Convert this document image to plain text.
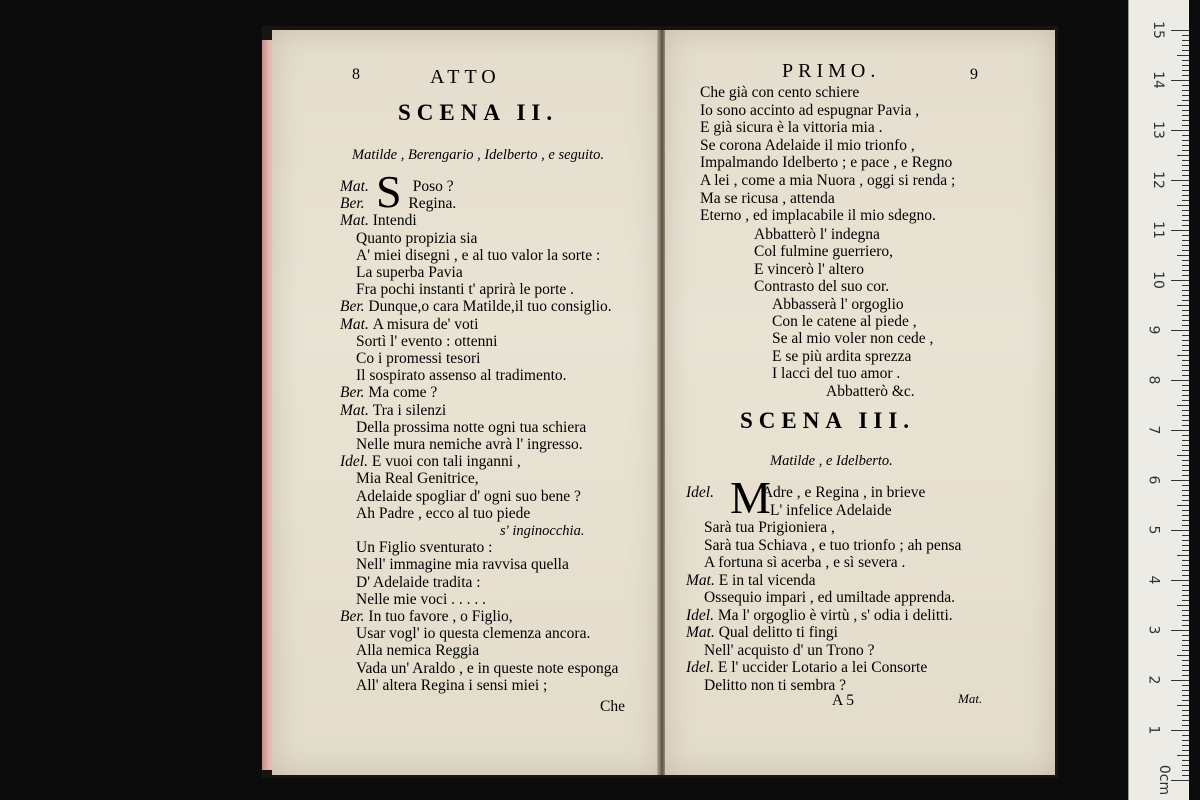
8	ATTO
SCENA II.
Matilde , Berengario , Idelberto , e seguito.
S
Mat.	Poso ?
Ber.	Regina.
Mat. Intendi
Quanto propizia sia
A' miei disegni , e al tuo valor la sorte :
La superba Pavia
Fra pochi instanti t' aprirà le porte .
Ber. Dunque,o cara Matilde,il tuo consiglio.
Mat. A misura de' voti
Sortì l' evento : ottenni
Co i promessi tesori
Il sospirato assenso al tradimento.
Ber. Ma come ?
Mat. Tra i silenzi
Della prossima notte ogni tua schiera
Nelle mura nemiche avrà l' ingresso.
Idel. E vuoi con tali inganni ,
Mia Real Genitrice,
Adelaide spogliar d' ogni suo bene ?
Ah Padre , ecco al tuo piede
s' inginocchia.
Un Figlio sventurato :
Nell' immagine mia ravvisa quella
D' Adelaide tradita :
Nelle mie voci . . . . .
Ber. In tuo favore , o Figlio,
Usar vogl' io questa clemenza ancora.
Alla nemica Reggia
Vada un' Araldo , e in queste note esponga
All' altera Regina i sensi miei ;
Che
PRIMO.	9
Che già con cento schiere
Io sono accinto ad espugnar Pavia ,
E già sicura è la vittoria mia .
Se corona Adelaide il mio trionfo ,
Impalmando Idelberto ; e pace , e Regno
A lei , come a mia Nuora , oggi si renda ;
Ma se ricusa , attenda
Eterno , ed implacabile il mio sdegno.
Abbatterò l' indegna
Col fulmine guerriero,
E vincerò l' altero
Contrasto del suo cor.
Abbasserà l' orgoglio
Con le catene al piede ,
Se al mio voler non cede ,
E se più ardita sprezza
I lacci del tuo amor .
Abbatterò &c.
SCENA III.
Matilde , e Idelberto.
M
Idel.	Adre , e Regina , in brieve
L' infelice Adelaide
Sarà tua Prigioniera ,
Sarà tua Schiava , e tuo trionfo ; ah pensa
A fortuna sì acerba , e sì severa .
Mat. E in tal vicenda
Ossequio impari , ed umiltade apprenda.
Idel. Ma l' orgoglio è virtù , s' odia i delitti.
Mat. Qual delitto ti fingi
Nell' acquisto d' un Trono ?
Idel. E l' uccider Lotario a lei Consorte
Delitto non ti sembra ?
A 5	Mat.
15
14
13
12
11
10
9
8
7
6
5
4
3
2
1
0cm
